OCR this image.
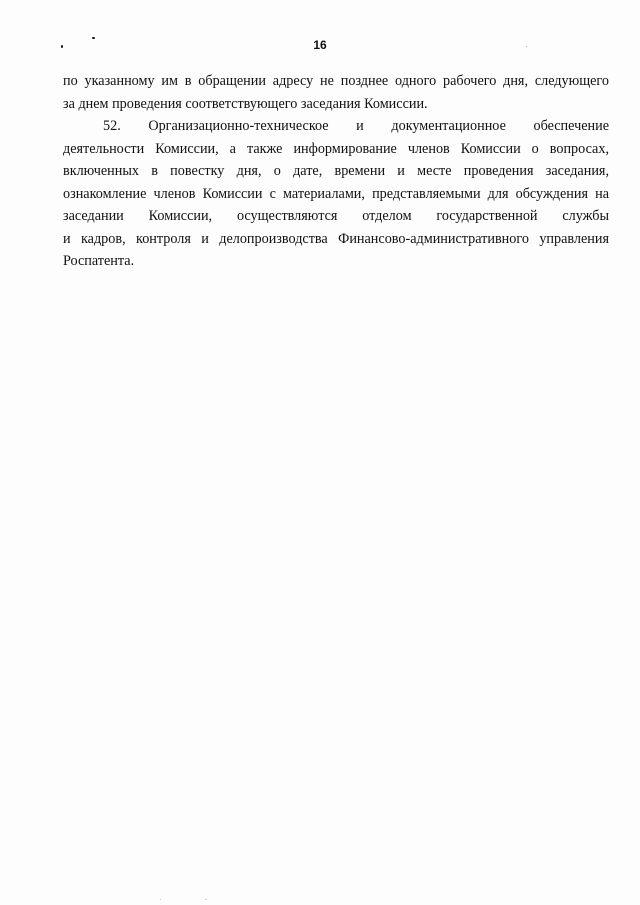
16
по указанному им в обращении адресу не позднее одного рабочего дня, следующего
за днем проведения соответствующего заседания Комиссии.
52. Организационно-техническое и документационное обеспечение
деятельности Комиссии, а также информирование членов Комиссии о вопросах,
включенных в повестку дня, о дате, времени и месте проведения заседания,
ознакомление членов Комиссии с материалами, представляемыми для обсуждения на
заседании Комиссии, осуществляются отделом государственной службы
и кадров, контроля и делопроизводства Финансово-административного управления
Роспатента.
